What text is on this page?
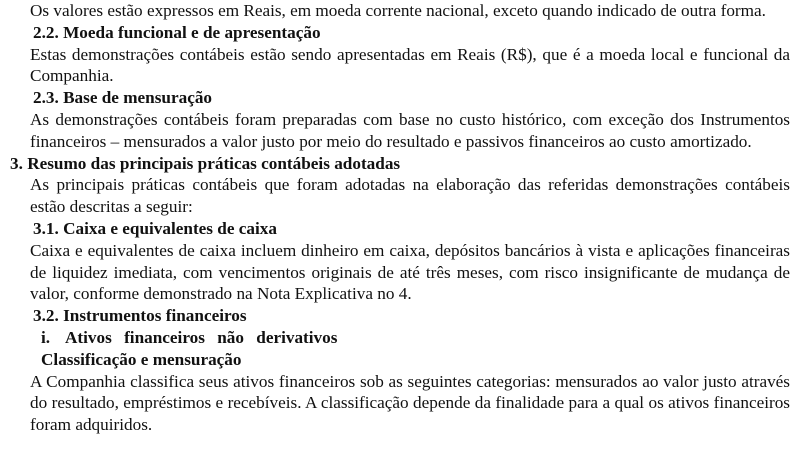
Os valores estão expressos em Reais, em moeda corrente nacional, exceto quando indicado de outra forma.

2.2. Moeda funcional e de apresentação

Estas demonstrações contábeis estão sendo apresentadas em Reais (R$), que é a moeda local e funcional da Companhia.

2.3. Base de mensuração

As demonstrações contábeis foram preparadas com base no custo histórico, com exceção dos Instrumentos financeiros – mensurados a valor justo por meio do resultado e passivos financeiros ao custo amortizado.

3. Resumo das principais práticas contábeis adotadas

As principais práticas contábeis que foram adotadas na elaboração das referidas demonstrações contábeis estão descritas a seguir:

3.1. Caixa e equivalentes de caixa

Caixa e equivalentes de caixa incluem dinheiro em caixa, depósitos bancários à vista e aplicações financeiras de liquidez imediata, com vencimentos originais de até três meses, com risco insignificante de mudança de valor, conforme demonstrado na Nota Explicativa no 4.

3.2. Instrumentos financeiros

i. Ativos financeiros não derivativos

Classificação e mensuração

A Companhia classifica seus ativos financeiros sob as seguintes categorias: mensurados ao valor justo através do resultado, empréstimos e recebíveis. A classificação depende da finalidade para a qual os ativos financeiros foram adquiridos.
